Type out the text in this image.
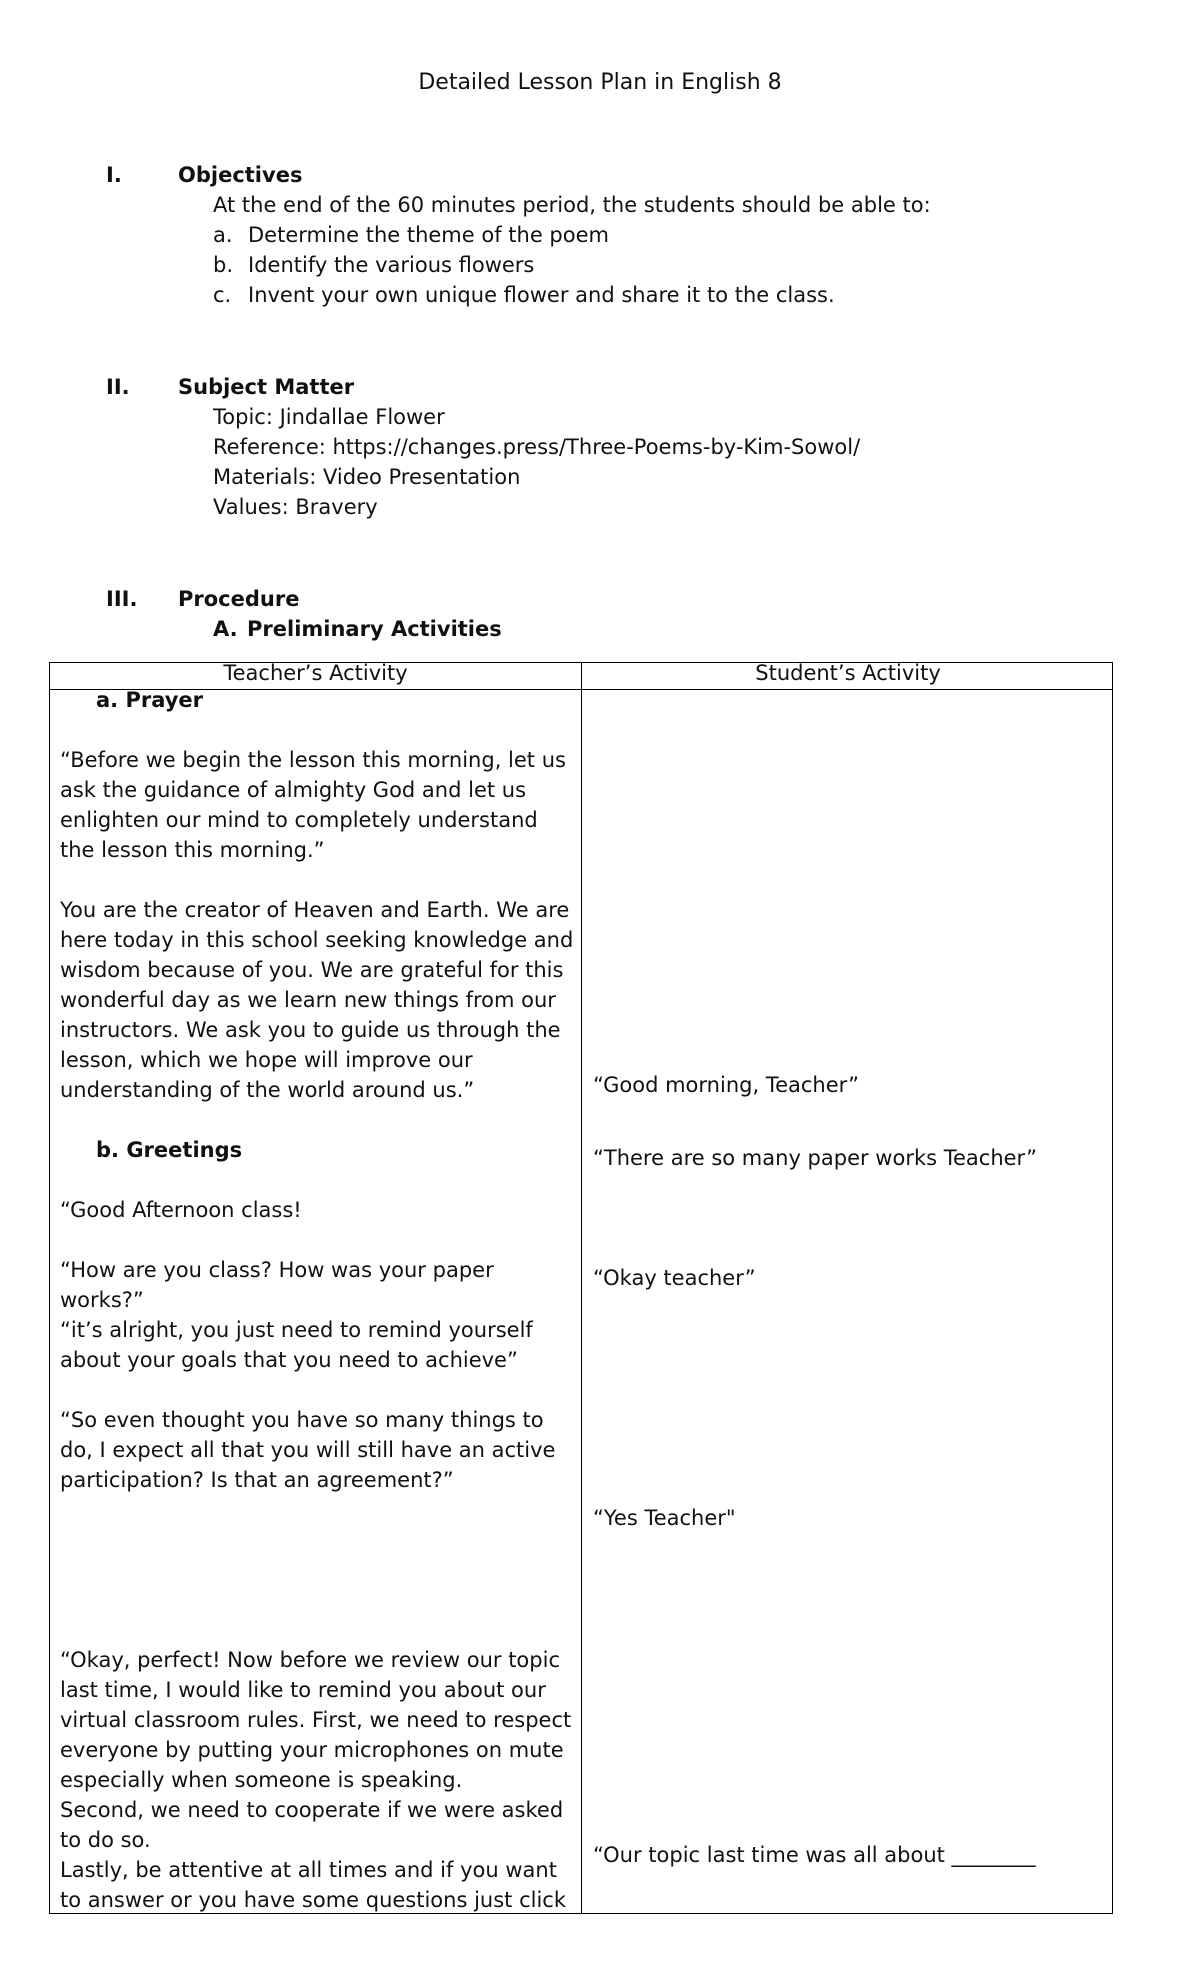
Detailed Lesson Plan in English 8
I.	Objectives
At the end of the 60 minutes period, the students should be able to:
a. Determine the theme of the poem
b. Identify the various flowers
c. Invent your own unique flower and share it to the class.
II. Subject Matter
Topic: Jindallae Flower
Reference: https://changes.press/Three-Poems-by-Kim-Sowol/
Materials: Video Presentation
Values: Bravery
III. Procedure
A. Preliminary Activities
Teacher’s Activity	Student’s Activity
a. Prayer
“Before we begin the lesson this morning, let us
ask the guidance of almighty God and let us
enlighten our mind to completely understand
the lesson this morning.”
You are the creator of Heaven and Earth. We are
here today in this school seeking knowledge and
wisdom because of you. We are grateful for this
wonderful day as we learn new things from our
instructors. We ask you to guide us through the
lesson, which we hope will improve our
understanding of the world around us.”
b. Greetings
“Good Afternoon class!
“How are you class? How was your paper
works?”
“it’s alright, you just need to remind yourself
about your goals that you need to achieve”
“So even thought you have so many things to
do, I expect all that you will still have an active
participation? Is that an agreement?”
“Okay, perfect! Now before we review our topic
last time, I would like to remind you about our
virtual classroom rules. First, we need to respect
everyone by putting your microphones on mute
especially when someone is speaking.
Second, we need to cooperate if we were asked
to do so.
Lastly, be attentive at all times and if you want
to answer or you have some questions just click
“Good morning, Teacher”
“There are so many paper works Teacher”
“Okay teacher”
“Yes Teacher"
“Our topic last time was all about ________
